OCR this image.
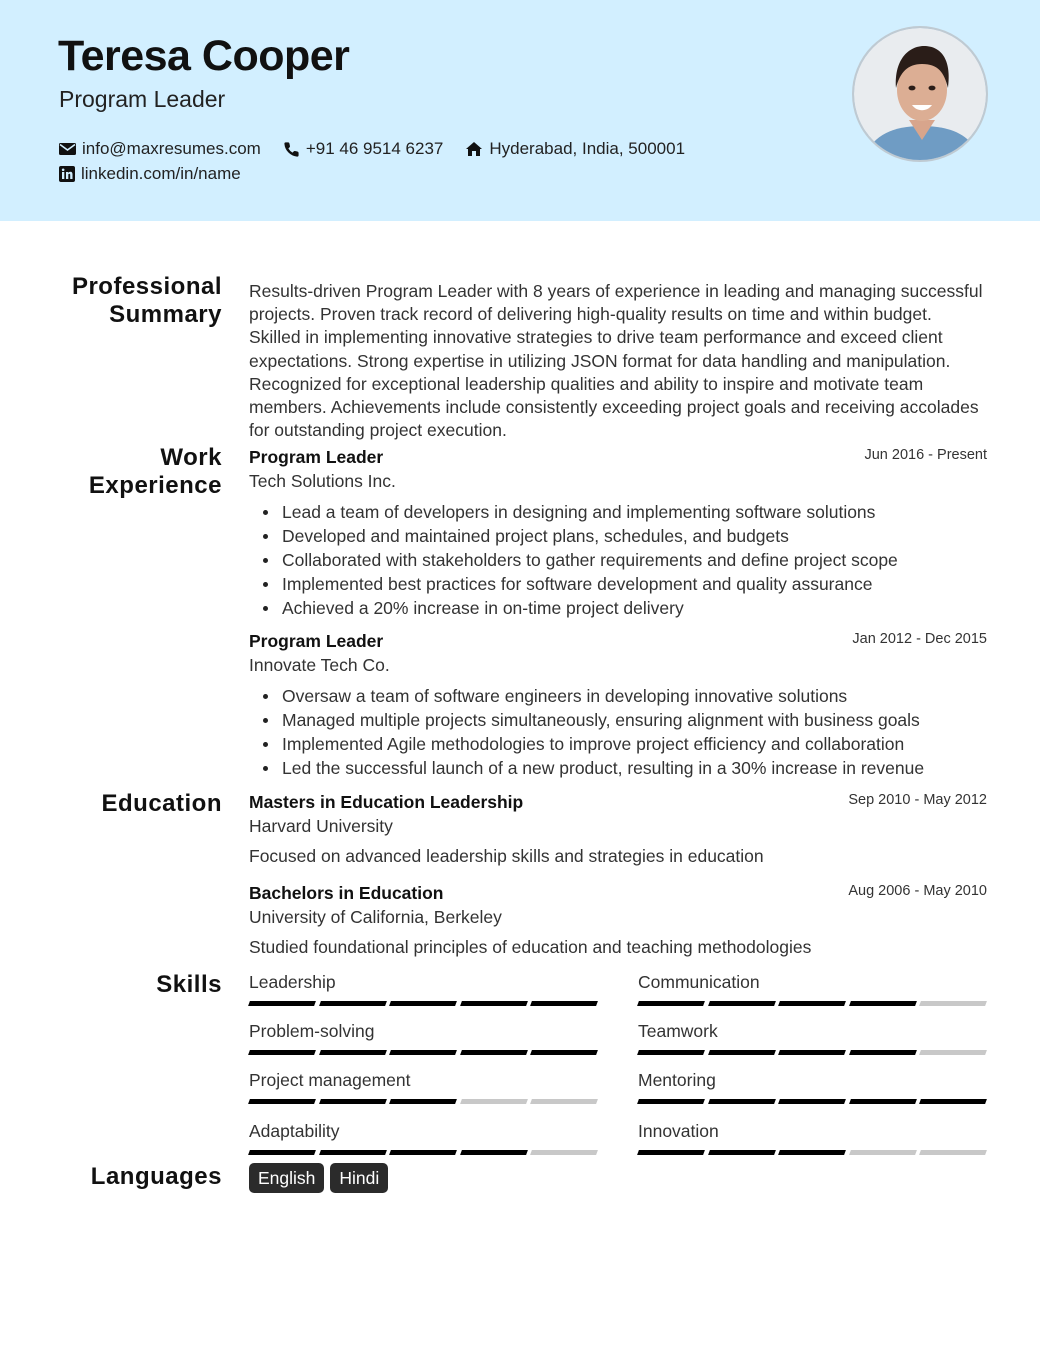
Teresa Cooper
Program Leader
info@maxresumes.com	+91 46 9514 6237	Hyderabad, India, 500001
linkedin.com/in/name
Professional
Summary
Results-driven Program Leader with 8 years of experience in leading and managing successful projects. Proven track record of delivering high-quality results on time and within budget. Skilled in implementing innovative strategies to drive team performance and exceed client expectations. Strong expertise in utilizing JSON format for data handling and manipulation. Recognized for exceptional leadership qualities and ability to inspire and motivate team members. Achievements include consistently exceeding project goals and receiving accolades for outstanding project execution.
Work
Experience
Program Leader	Jun 2016 - Present
Tech Solutions Inc.
Lead a team of developers in designing and implementing software solutions
Developed and maintained project plans, schedules, and budgets
Collaborated with stakeholders to gather requirements and define project scope
Implemented best practices for software development and quality assurance
Achieved a 20% increase in on-time project delivery
Program Leader	Jan 2012 - Dec 2015
Innovate Tech Co.
Oversaw a team of software engineers in developing innovative solutions
Managed multiple projects simultaneously, ensuring alignment with business goals
Implemented Agile methodologies to improve project efficiency and collaboration
Led the successful launch of a new product, resulting in a 30% increase in revenue
Education Masters in Education Leadership	Sep 2010 - May 2012
Harvard University
Focused on advanced leadership skills and strategies in education
Bachelors in Education	Aug 2006 - May 2010
University of California, Berkeley
Studied foundational principles of education and teaching methodologies
Skills Leadership	Communication
Problem-solving	Teamwork
Project management	Mentoring
Adaptability	Innovation
Languages	English	Hindi
